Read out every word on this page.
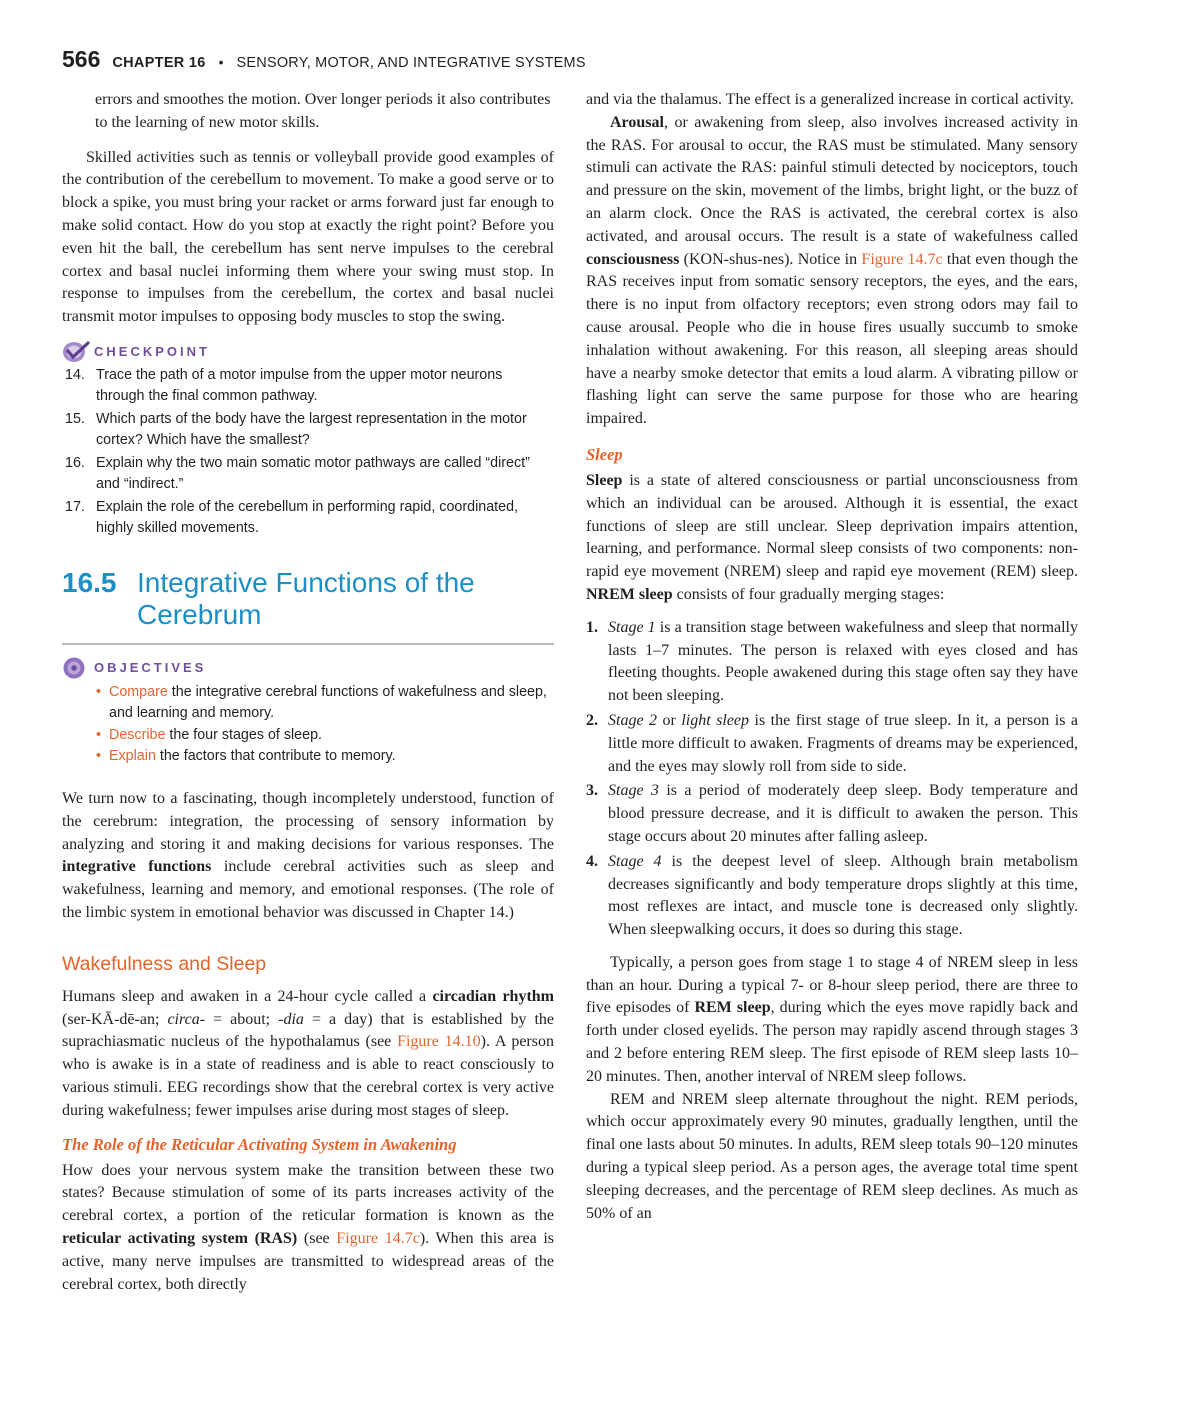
566 CHAPTER 16 • SENSORY, MOTOR, AND INTEGRATIVE SYSTEMS

errors and smoothes the motion. Over longer periods it also contributes to the learning of new motor skills.

Skilled activities such as tennis or volleyball provide good examples of the contribution of the cerebellum to movement. To make a good serve or to block a spike, you must bring your racket or arms forward just far enough to make solid contact. How do you stop at exactly the right point? Before you even hit the ball, the cerebellum has sent nerve impulses to the cerebral cortex and basal nuclei informing them where your swing must stop. In response to impulses from the cerebellum, the cortex and basal nuclei transmit motor impulses to opposing body muscles to stop the swing.

CHECKPOINT
14. Trace the path of a motor impulse from the upper motor neurons through the final common pathway.
15. Which parts of the body have the largest representation in the motor cortex? Which have the smallest?
16. Explain why the two main somatic motor pathways are called “direct” and “indirect.”
17. Explain the role of the cerebellum in performing rapid, coordinated, highly skilled movements.
16.5 Integrative Functions of the Cerebrum
OBJECTIVES
• Compare the integrative cerebral functions of wakefulness and sleep, and learning and memory.
• Describe the four stages of sleep.
• Explain the factors that contribute to memory.

We turn now to a fascinating, though incompletely understood, function of the cerebrum: integration, the processing of sensory information by analyzing and storing it and making decisions for various responses. The integrative functions include cerebral activities such as sleep and wakefulness, learning and memory, and emotional responses. (The role of the limbic system in emotional behavior was discussed in Chapter 14.)

Wakefulness and Sleep

Humans sleep and awaken in a 24-hour cycle called a circadian rhythm (ser-KĀ-dē-an; circa- = about; -dia = a day) that is established by the suprachiasmatic nucleus of the hypothalamus (see Figure 14.10). A person who is awake is in a state of readiness and is able to react consciously to various stimuli. EEG recordings show that the cerebral cortex is very active during wakefulness; fewer impulses arise during most stages of sleep.

The Role of the Reticular Activating System in Awakening

How does your nervous system make the transition between these two states? Because stimulation of some of its parts increases activity of the cerebral cortex, a portion of the reticular formation is known as the reticular activating system (RAS) (see Figure 14.7c). When this area is active, many nerve impulses are transmitted to widespread areas of the cerebral cortex, both directly

and via the thalamus. The effect is a generalized increase in cortical activity.

Arousal, or awakening from sleep, also involves increased activity in the RAS. For arousal to occur, the RAS must be stimulated. Many sensory stimuli can activate the RAS: painful stimuli detected by nociceptors, touch and pressure on the skin, movement of the limbs, bright light, or the buzz of an alarm clock. Once the RAS is activated, the cerebral cortex is also activated, and arousal occurs. The result is a state of wakefulness called consciousness (KON-shus-nes). Notice in Figure 14.7c that even though the RAS receives input from somatic sensory receptors, the eyes, and the ears, there is no input from olfactory receptors; even strong odors may fail to cause arousal. People who die in house fires usually succumb to smoke inhalation without awakening. For this reason, all sleeping areas should have a nearby smoke detector that emits a loud alarm. A vibrating pillow or flashing light can serve the same purpose for those who are hearing impaired.

Sleep

Sleep is a state of altered consciousness or partial unconsciousness from which an individual can be aroused. Although it is essential, the exact functions of sleep are still unclear. Sleep deprivation impairs attention, learning, and performance. Normal sleep consists of two components: non-rapid eye movement (NREM) sleep and rapid eye movement (REM) sleep. NREM sleep consists of four gradually merging stages:

1. Stage 1 is a transition stage between wakefulness and sleep that normally lasts 1–7 minutes. The person is relaxed with eyes closed and has fleeting thoughts. People awakened during this stage often say they have not been sleeping.
2. Stage 2 or light sleep is the first stage of true sleep. In it, a person is a little more difficult to awaken. Fragments of dreams may be experienced, and the eyes may slowly roll from side to side.
3. Stage 3 is a period of moderately deep sleep. Body temperature and blood pressure decrease, and it is difficult to awaken the person. This stage occurs about 20 minutes after falling asleep.
4. Stage 4 is the deepest level of sleep. Although brain metabolism decreases significantly and body temperature drops slightly at this time, most reflexes are intact, and muscle tone is decreased only slightly. When sleepwalking occurs, it does so during this stage.

Typically, a person goes from stage 1 to stage 4 of NREM sleep in less than an hour. During a typical 7- or 8-hour sleep period, there are three to five episodes of REM sleep, during which the eyes move rapidly back and forth under closed eyelids. The person may rapidly ascend through stages 3 and 2 before entering REM sleep. The first episode of REM sleep lasts 10–20 minutes. Then, another interval of NREM sleep follows.

REM and NREM sleep alternate throughout the night. REM periods, which occur approximately every 90 minutes, gradually lengthen, until the final one lasts about 50 minutes. In adults, REM sleep totals 90–120 minutes during a typical sleep period. As a person ages, the average total time spent sleeping decreases, and the percentage of REM sleep declines. As much as 50% of an
